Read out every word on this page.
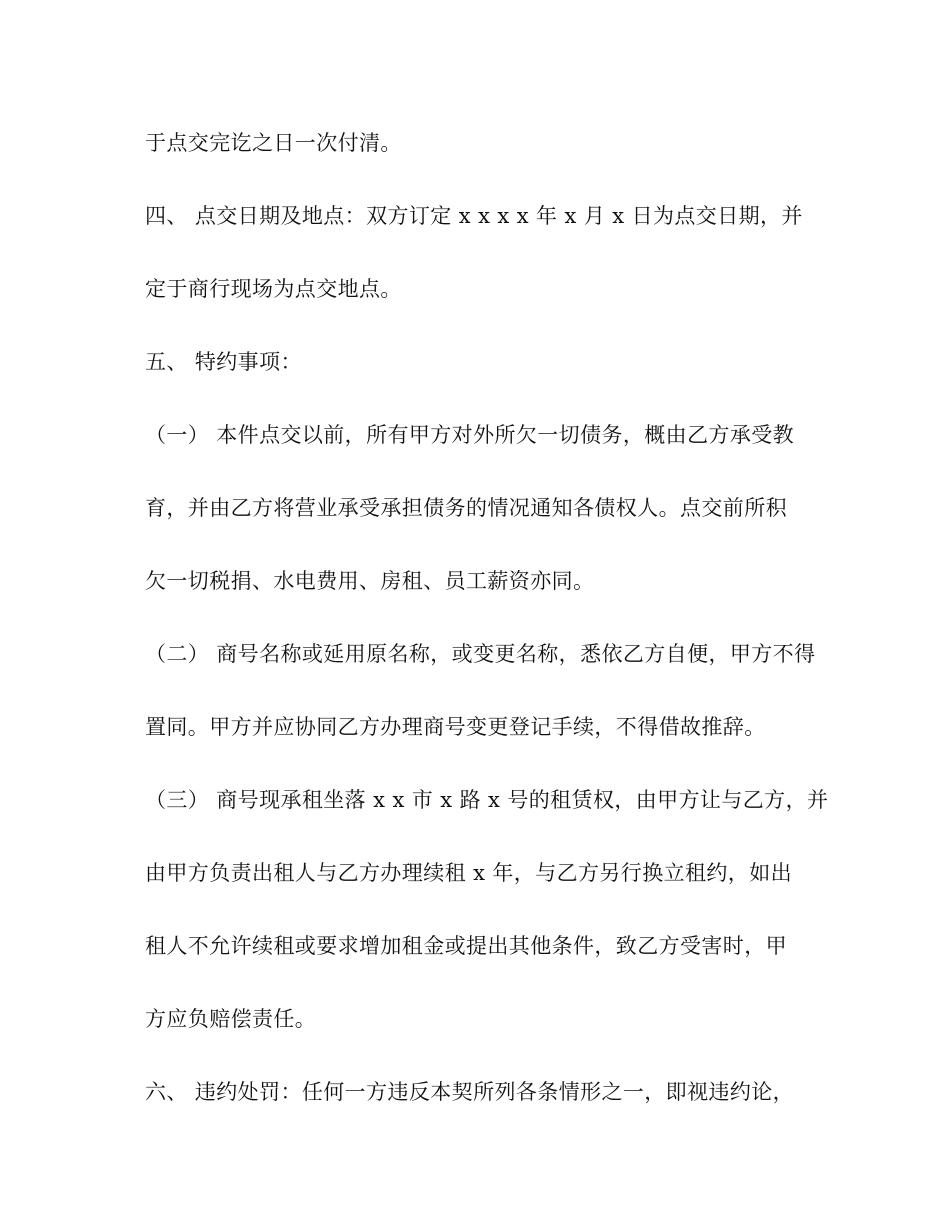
于点交完讫之日一次付清。

四、 点交日期及地点：双方订定 x x x x 年 x 月 x 日为点交日期，并

定于商行现场为点交地点。

五、 特约事项：

（一） 本件点交以前，所有甲方对外所欠一切债务，概由乙方承受教

育，并由乙方将营业承受承担债务的情况通知各债权人。点交前所积

欠一切税捐、水电费用、房租、员工薪资亦同。

（二） 商号名称或延用原名称，或变更名称，悉依乙方自便，甲方不得

置同。甲方并应协同乙方办理商号变更登记手续，不得借故推辞。

（三） 商号现承租坐落 x x 市 x 路 x 号的租赁权，由甲方让与乙方，并

由甲方负责出租人与乙方办理续租 x 年，与乙方另行换立租约，如出

租人不允许续租或要求增加租金或提出其他条件，致乙方受害时，甲

方应负赔偿责任。

六、 违约处罚：任何一方违反本契所列各条情形之一，即视违约论，
